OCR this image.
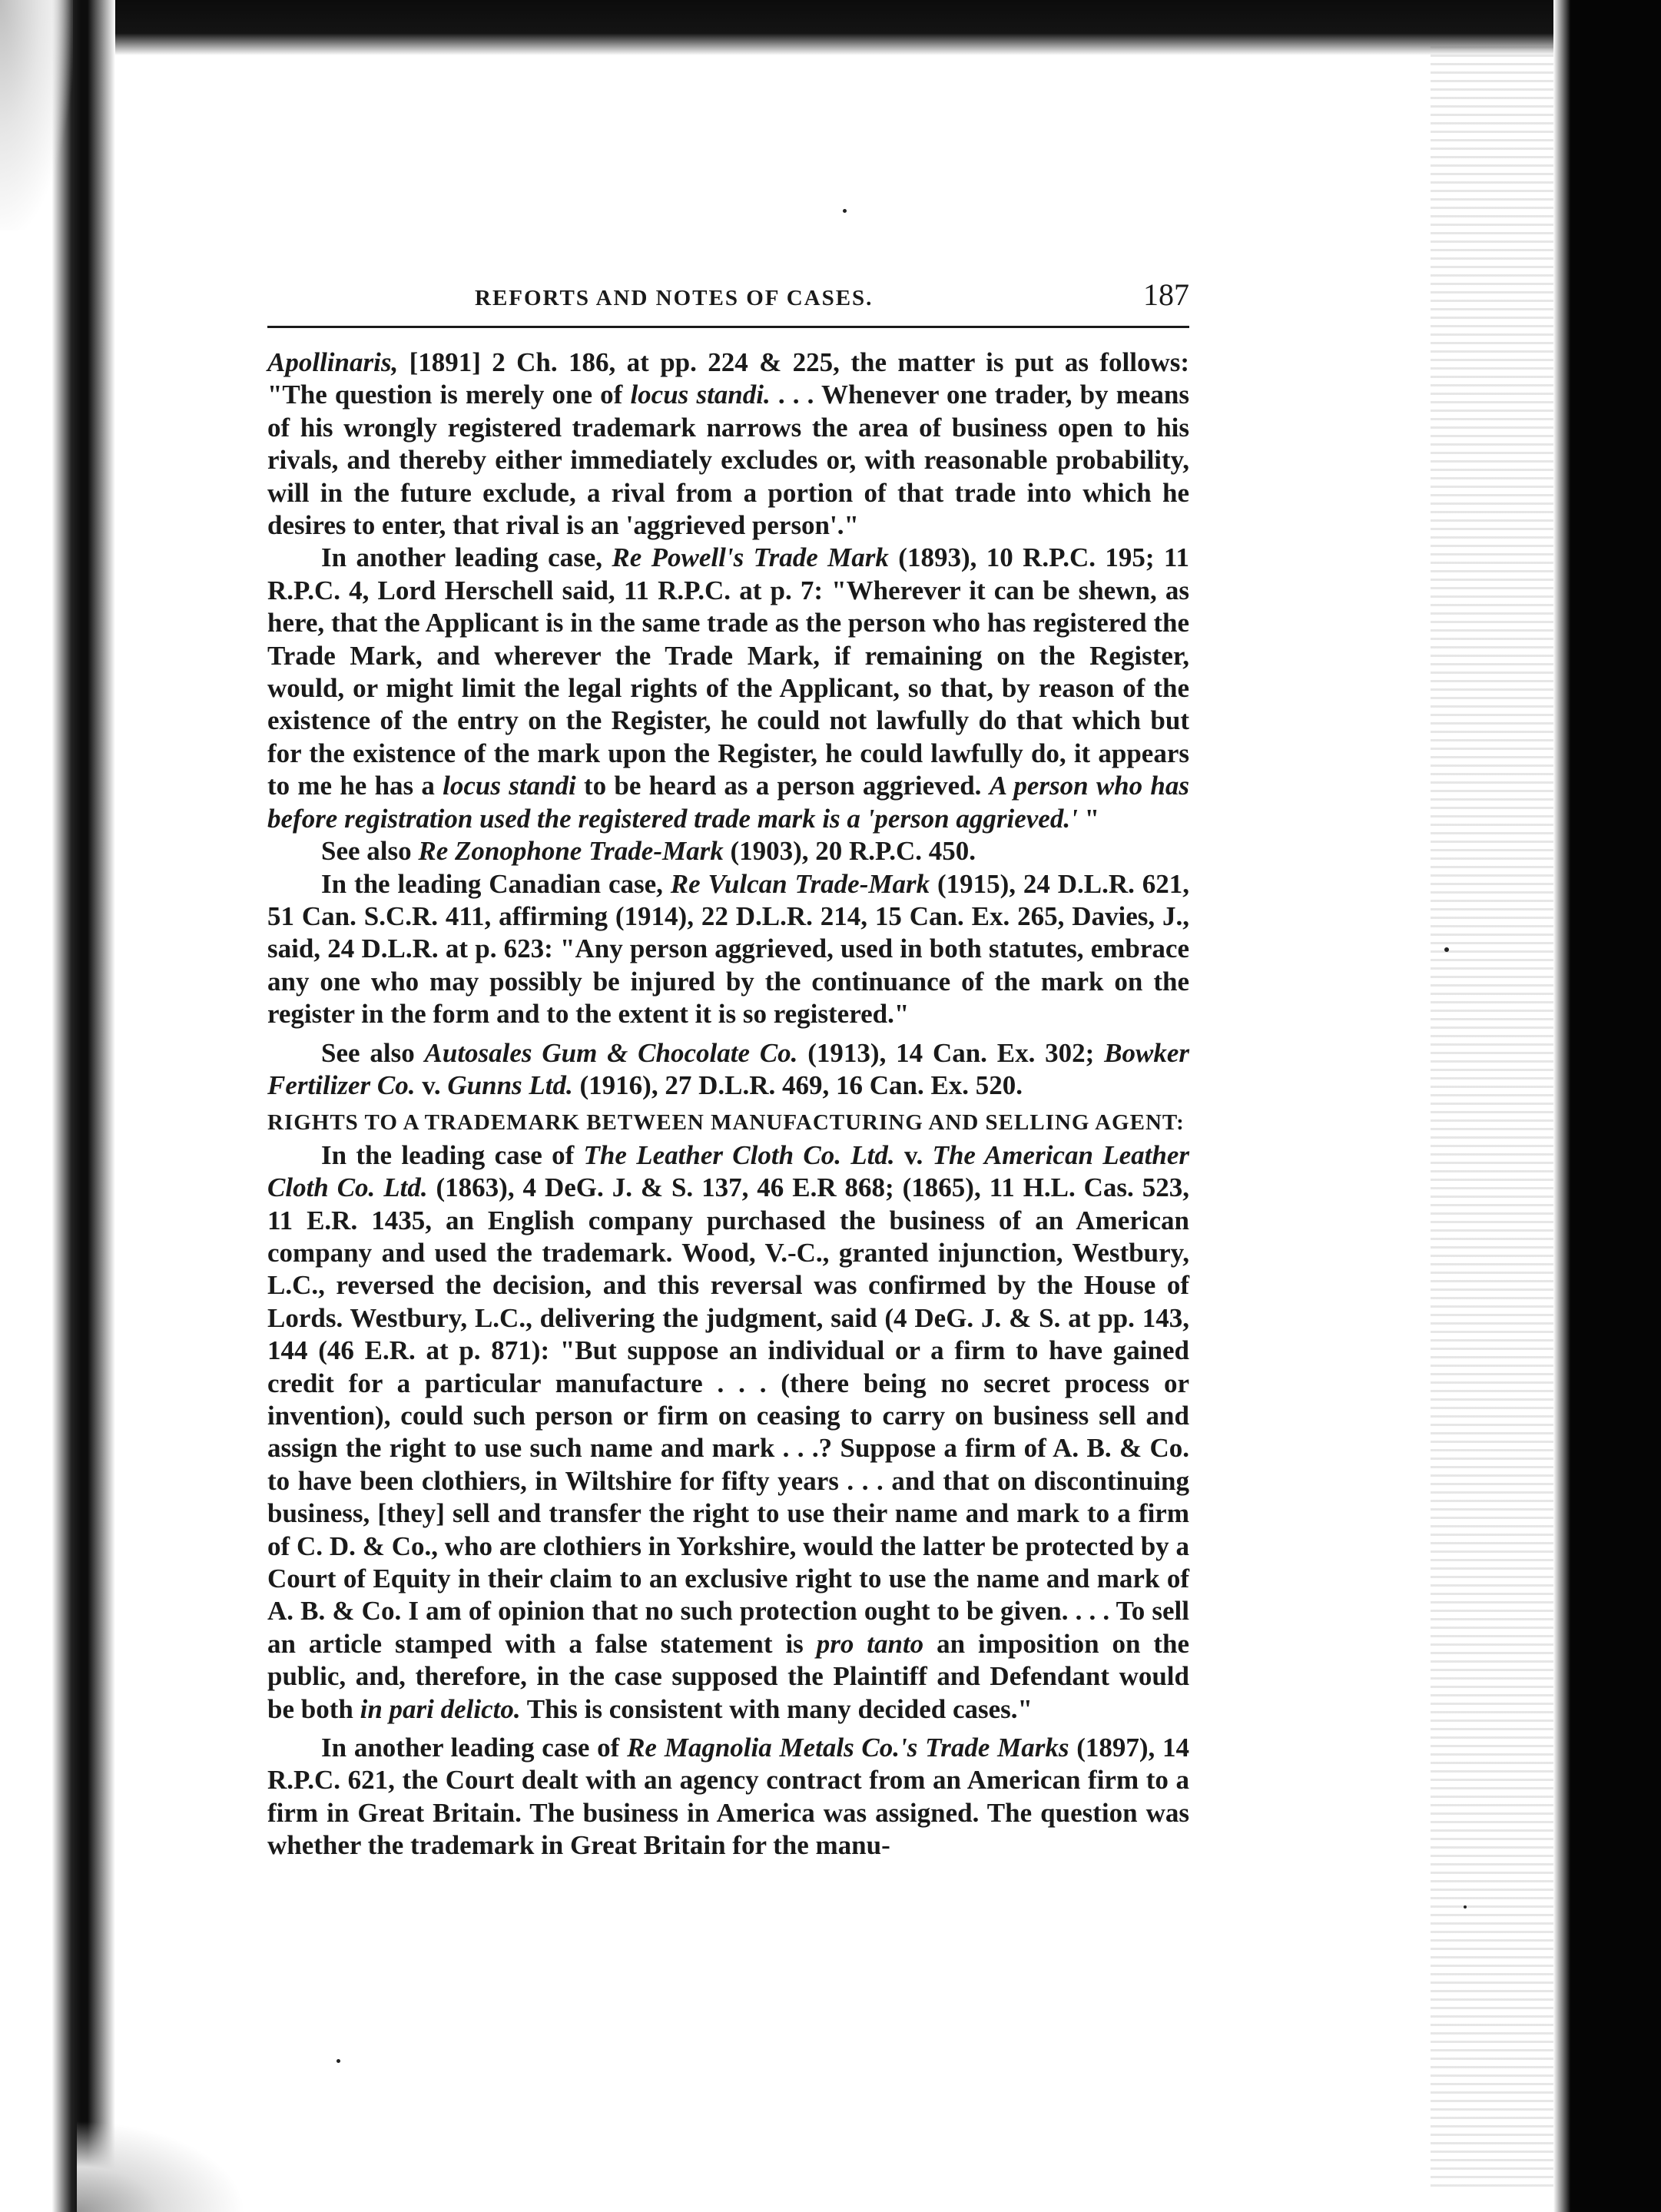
REFORTS AND NOTES OF CASES.	187

Apollinaris, [1891] 2 Ch. 186, at pp. 224 & 225, the matter is put as follows: "The question is merely one of locus standi. . . . Whenever one trader, by means of his wrongly registered trademark narrows the area of business open to his rivals, and thereby either immediately excludes or, with reasonable probability, will in the future exclude, a rival from a portion of that trade into which he desires to enter, that rival is an 'aggrieved person'."

In another leading case, Re Powell's Trade Mark (1893), 10 R.P.C. 195; 11 R.P.C. 4, Lord Herschell said, 11 R.P.C. at p. 7: "Wherever it can be shewn, as here, that the Applicant is in the same trade as the person who has registered the Trade Mark, and wherever the Trade Mark, if remaining on the Register, would, or might limit the legal rights of the Applicant, so that, by reason of the existence of the entry on the Register, he could not lawfully do that which but for the existence of the mark upon the Register, he could lawfully do, it appears to me he has a locus standi to be heard as a person aggrieved. A person who has before registration used the registered trade mark is a 'person aggrieved.' "

See also Re Zonophone Trade-Mark (1903), 20 R.P.C. 450.

In the leading Canadian case, Re Vulcan Trade-Mark (1915), 24 D.L.R. 621, 51 Can. S.C.R. 411, affirming (1914), 22 D.L.R. 214, 15 Can. Ex. 265, Davies, J., said, 24 D.L.R. at p. 623: "Any person aggrieved, used in both statutes, embrace any one who may possibly be injured by the continuance of the mark on the register in the form and to the extent it is so registered."

See also Autosales Gum & Chocolate Co. (1913), 14 Can. Ex. 302; Bowker Fertilizer Co. v. Gunns Ltd. (1916), 27 D.L.R. 469, 16 Can. Ex. 520.

RIGHTS TO A TRADEMARK BETWEEN MANUFACTURING AND SELLING AGENT:

In the leading case of The Leather Cloth Co. Ltd. v. The American Leather Cloth Co. Ltd. (1863), 4 DeG. J. & S. 137, 46 E.R 868; (1865), 11 H.L. Cas. 523, 11 E.R. 1435, an English company purchased the business of an American company and used the trademark. Wood, V.-C., granted injunction, Westbury, L.C., reversed the decision, and this reversal was confirmed by the House of Lords. Westbury, L.C., delivering the judgment, said (4 DeG. J. & S. at pp. 143, 144 (46 E.R. at p. 871): "But suppose an individual or a firm to have gained credit for a particular manufacture . . . (there being no secret process or invention), could such person or firm on ceasing to carry on business sell and assign the right to use such name and mark . . .? Suppose a firm of A. B. & Co. to have been clothiers, in Wiltshire for fifty years . . . and that on discontinuing business, [they] sell and transfer the right to use their name and mark to a firm of C. D. & Co., who are clothiers in Yorkshire, would the latter be protected by a Court of Equity in their claim to an exclusive right to use the name and mark of A. B. & Co. I am of opinion that no such protection ought to be given. . . . To sell an article stamped with a false statement is pro tanto an imposition on the public, and, therefore, in the case supposed the Plaintiff and Defendant would be both in pari delicto. This is consistent with many decided cases."

In another leading case of Re Magnolia Metals Co.'s Trade Marks (1897), 14 R.P.C. 621, the Court dealt with an agency contract from an American firm to a firm in Great Britain. The business in America was assigned. The question was whether the trademark in Great Britain for the manu-
